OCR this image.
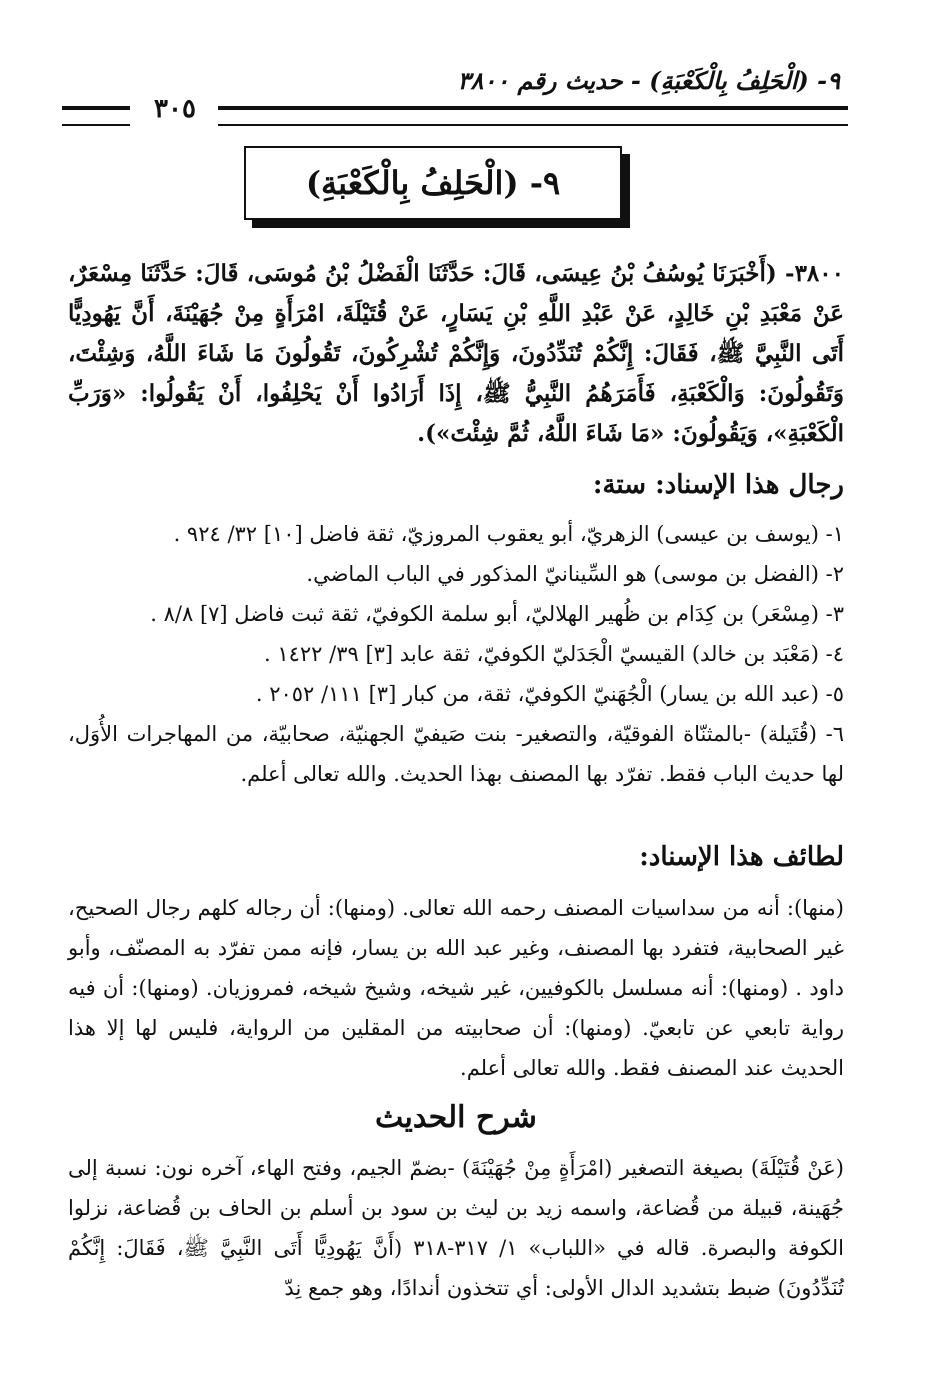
٩- (الْحَلِفُ بِالْكَعْبَةِ) - حديث رقم ٣٨٠٠
٣٠٥
٩- (الْحَلِفُ بِالْكَعْبَةِ)

٣٨٠٠- (أَخْبَرَنَا يُوسُفُ بْنُ عِيسَى، قَالَ: حَدَّثَنَا الْفَضْلُ بْنُ مُوسَى، قَالَ: حَدَّثَنَا مِسْعَرٌ، عَنْ مَعْبَدِ بْنِ خَالِدٍ، عَنْ عَبْدِ اللَّهِ بْنِ يَسَارٍ، عَنْ قُتَيْلَةَ، امْرَأَةٍ مِنْ جُهَيْنَةَ، أَنَّ يَهُودِيًّا أَتَى النَّبِيَّ ﷺ، فَقَالَ: إِنَّكُمْ تُنَدِّدُونَ، وَإِنَّكُمْ تُشْرِكُونَ، تَقُولُونَ مَا شَاءَ اللَّهُ، وَشِئْتَ، وَتَقُولُونَ: وَالْكَعْبَةِ، فَأَمَرَهُمُ النَّبِيُّ ﷺ، إِذَا أَرَادُوا أَنْ يَحْلِفُوا، أَنْ يَقُولُوا: «وَرَبِّ الْكَعْبَةِ»، وَيَقُولُونَ: «مَا شَاءَ اللَّهُ، ثُمَّ شِئْتَ»).

رجال هذا الإسناد: ستة:
١- (يوسف بن عيسى) الزهريّ، أبو يعقوب المروزيّ، ثقة فاضل [١٠] ٣٢/ ٩٢٤ .
٢- (الفضل بن موسى) هو السِّينانيّ المذكور في الباب الماضي.
٣- (مِسْعَر) بن كِدَام بن ظُهير الهلاليّ، أبو سلمة الكوفيّ، ثقة ثبت فاضل [٧] ٨/٨ .
٤- (مَعْبَد بن خالد) القيسيّ الْجَدَليّ الكوفيّ، ثقة عابد [٣] ٣٩/ ١٤٢٢ .
٥- (عبد الله بن يسار) الْجُهَنيّ الكوفيّ، ثقة، من كبار [٣] ١١١/ ٢٠٥٢ .
٦- (قُتَيلة) -بالمثنّاة الفوقيّة، والتصغير- بنت صَيفيّ الجهنيّة، صحابيّة، من المهاجرات الأُوَل، لها حديث الباب فقط. تفرّد بها المصنف بهذا الحديث. والله تعالى أعلم.
لطائف هذا الإسناد:

(منها): أنه من سداسيات المصنف رحمه الله تعالى. (ومنها): أن رجاله كلهم رجال الصحيح، غير الصحابية، فتفرد بها المصنف، وغير عبد الله بن يسار، فإنه ممن تفرّد به المصنّف، وأبو داود . (ومنها): أنه مسلسل بالكوفيين، غير شيخه، وشيخ شيخه، فمروزيان. (ومنها): أن فيه رواية تابعي عن تابعيّ. (ومنها): أن صحابيته من المقلين من الرواية، فليس لها إلا هذا الحديث عند المصنف فقط. والله تعالى أعلم.

شرح الحديث

(عَنْ قُتَيْلَةَ) بصيغة التصغير (امْرَأَةٍ مِنْ جُهَيْنَةَ) -بضمّ الجيم، وفتح الهاء، آخره نون: نسبة إلى جُهَينة، قبيلة من قُضاعة، واسمه زيد بن ليث بن سود بن أسلم بن الحاف بن قُضاعة، نزلوا الكوفة والبصرة. قاله في «اللباب» ١/ ٣١٧-٣١٨ (أَنَّ يَهُودِيًّا أَتَى النَّبِيَّ ﷺ، فَقَالَ: إِنَّكُمْ تُنَدِّدُونَ) ضبط بتشديد الدال الأولى: أي تتخذون أندادًا، وهو جمع نِدّ
